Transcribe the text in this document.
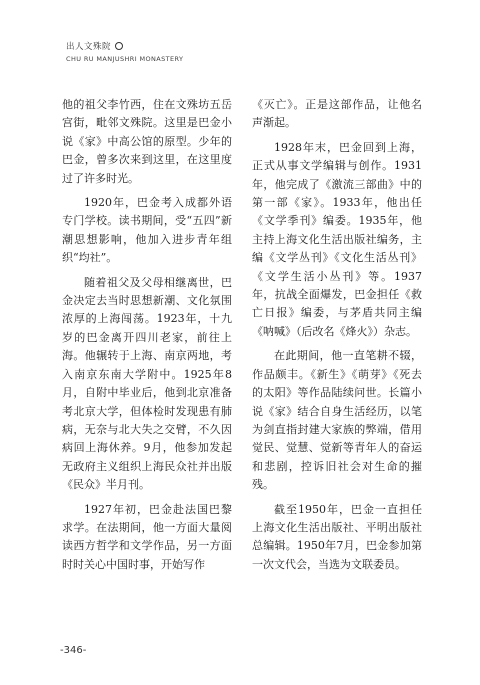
出人文殊院
CHU RU MANJUSHRI MONASTERY

他的祖父李竹西，住在文殊坊五岳宫街，毗邻文殊院。这里是巴金小说《家》中高公馆的原型。少年的巴金，曾多次来到这里，在这里度过了许多时光。

1920年，巴金考入成都外语专门学校。读书期间，受“五四”新潮思想影响，他加入进步青年组织“均社”。

随着祖父及父母相继离世，巴金决定去当时思想新潮、文化氛围浓厚的上海闯荡。1923年，十九岁的巴金离开四川老家，前往上海。他辗转于上海、南京两地，考入南京东南大学附中。1925年8月，自附中毕业后，他到北京准备考北京大学，但体检时发现患有肺病，无奈与北大失之交臂，不久因病回上海休养。9月，他参加发起无政府主义组织上海民众社并出版《民众》半月刊。

1927年初，巴金赴法国巴黎求学。在法期间，他一方面大量阅读西方哲学和文学作品，另一方面时时关心中国时事，开始写作

《灭亡》。正是这部作品，让他名声渐起。

1928年末，巴金回到上海，正式从事文学编辑与创作。1931年，他完成了《激流三部曲》中的第一部《家》。1933年，他出任《文学季刊》编委。1935年，他主持上海文化生活出版社编务，主编《文学丛刊》《文化生活丛刊》《文学生活小丛刊》等。1937年，抗战全面爆发，巴金担任《救亡日报》编委，与茅盾共同主编《呐喊》（后改名《烽火》）杂志。

在此期间，他一直笔耕不辍，作品颇丰。《新生》《萌芽》《死去的太阳》等作品陆续问世。长篇小说《家》结合自身生活经历，以笔为剑直指封建大家族的弊端，借用觉民、觉慧、觉新等青年人的奋运和悲剧，控诉旧社会对生命的摧残。

截至1950年，巴金一直担任上海文化生活出版社、平明出版社总编辑。1950年7月，巴金参加第一次文代会，当选为文联委员。

-346-
